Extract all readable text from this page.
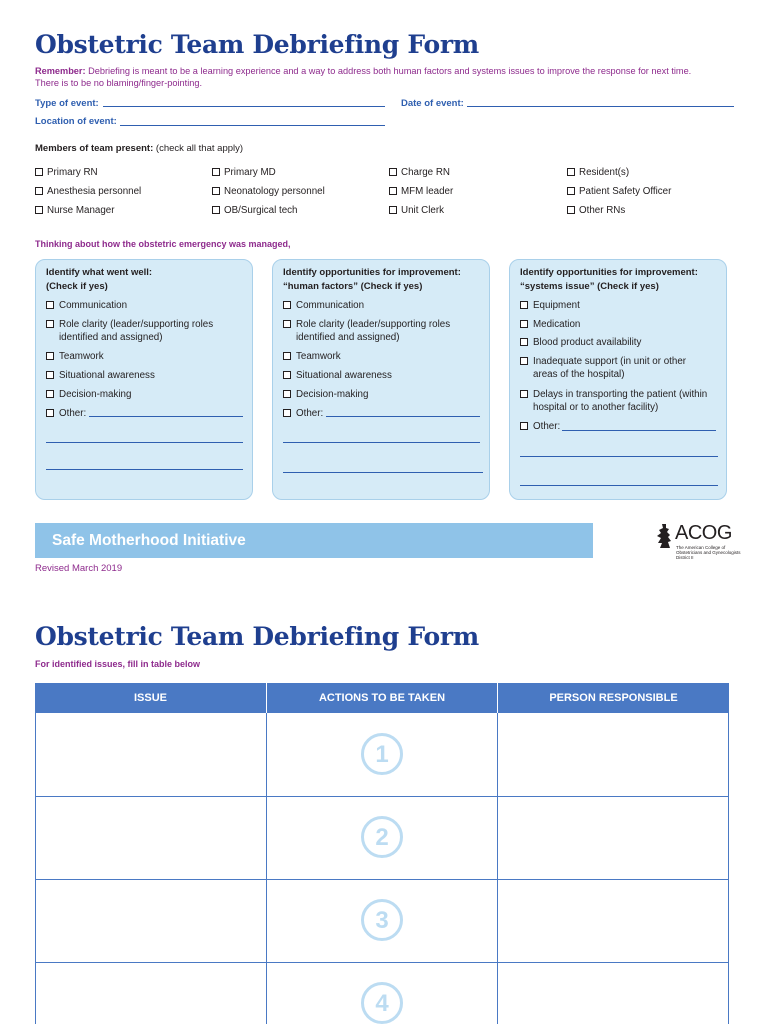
Obstetric Team Debriefing Form
Remember: Debriefing is meant to be a learning experience and a way to address both human factors and systems issues to improve the response for next time.
There is to be no blaming/finger-pointing.
Type of event:	Date of event:
Location of event:
Members of team present: (check all that apply)
Primary RN	Primary MD	Charge RN	Resident(s)
Anesthesia personnel	Neonatology personnel	MFM leader	Patient Safety Officer
Nurse Manager	OB/Surgical tech	Unit Clerk	Other RNs
Thinking about how the obstetric emergency was managed,
Identify what went well:
(Check if yes)
Communication
Role clarity (leader/supporting roles identified and assigned)
Teamwork
Situational awareness
Decision-making
Other:
Identify opportunities for improvement:
“human factors” (Check if yes)
Communication
Role clarity (leader/supporting roles identified and assigned)
Teamwork
Situational awareness
Decision-making
Other:
Identify opportunities for improvement:
“systems issue” (Check if yes)
Equipment
Medication
Blood product availability
Inadequate support (in unit or other areas of the hospital)
Delays in transporting the patient (within hospital or to another facility)
Other:
Safe Motherhood Initiative
Revised March 2019
ACOG
The American College of
Obstetricians and Gynecologists
District II
Obstetric Team Debriefing Form
For identified issues, fill in table below
ISSUE	ACTIONS TO BE TAKEN	PERSON RESPONSIBLE
1
2
3
4
